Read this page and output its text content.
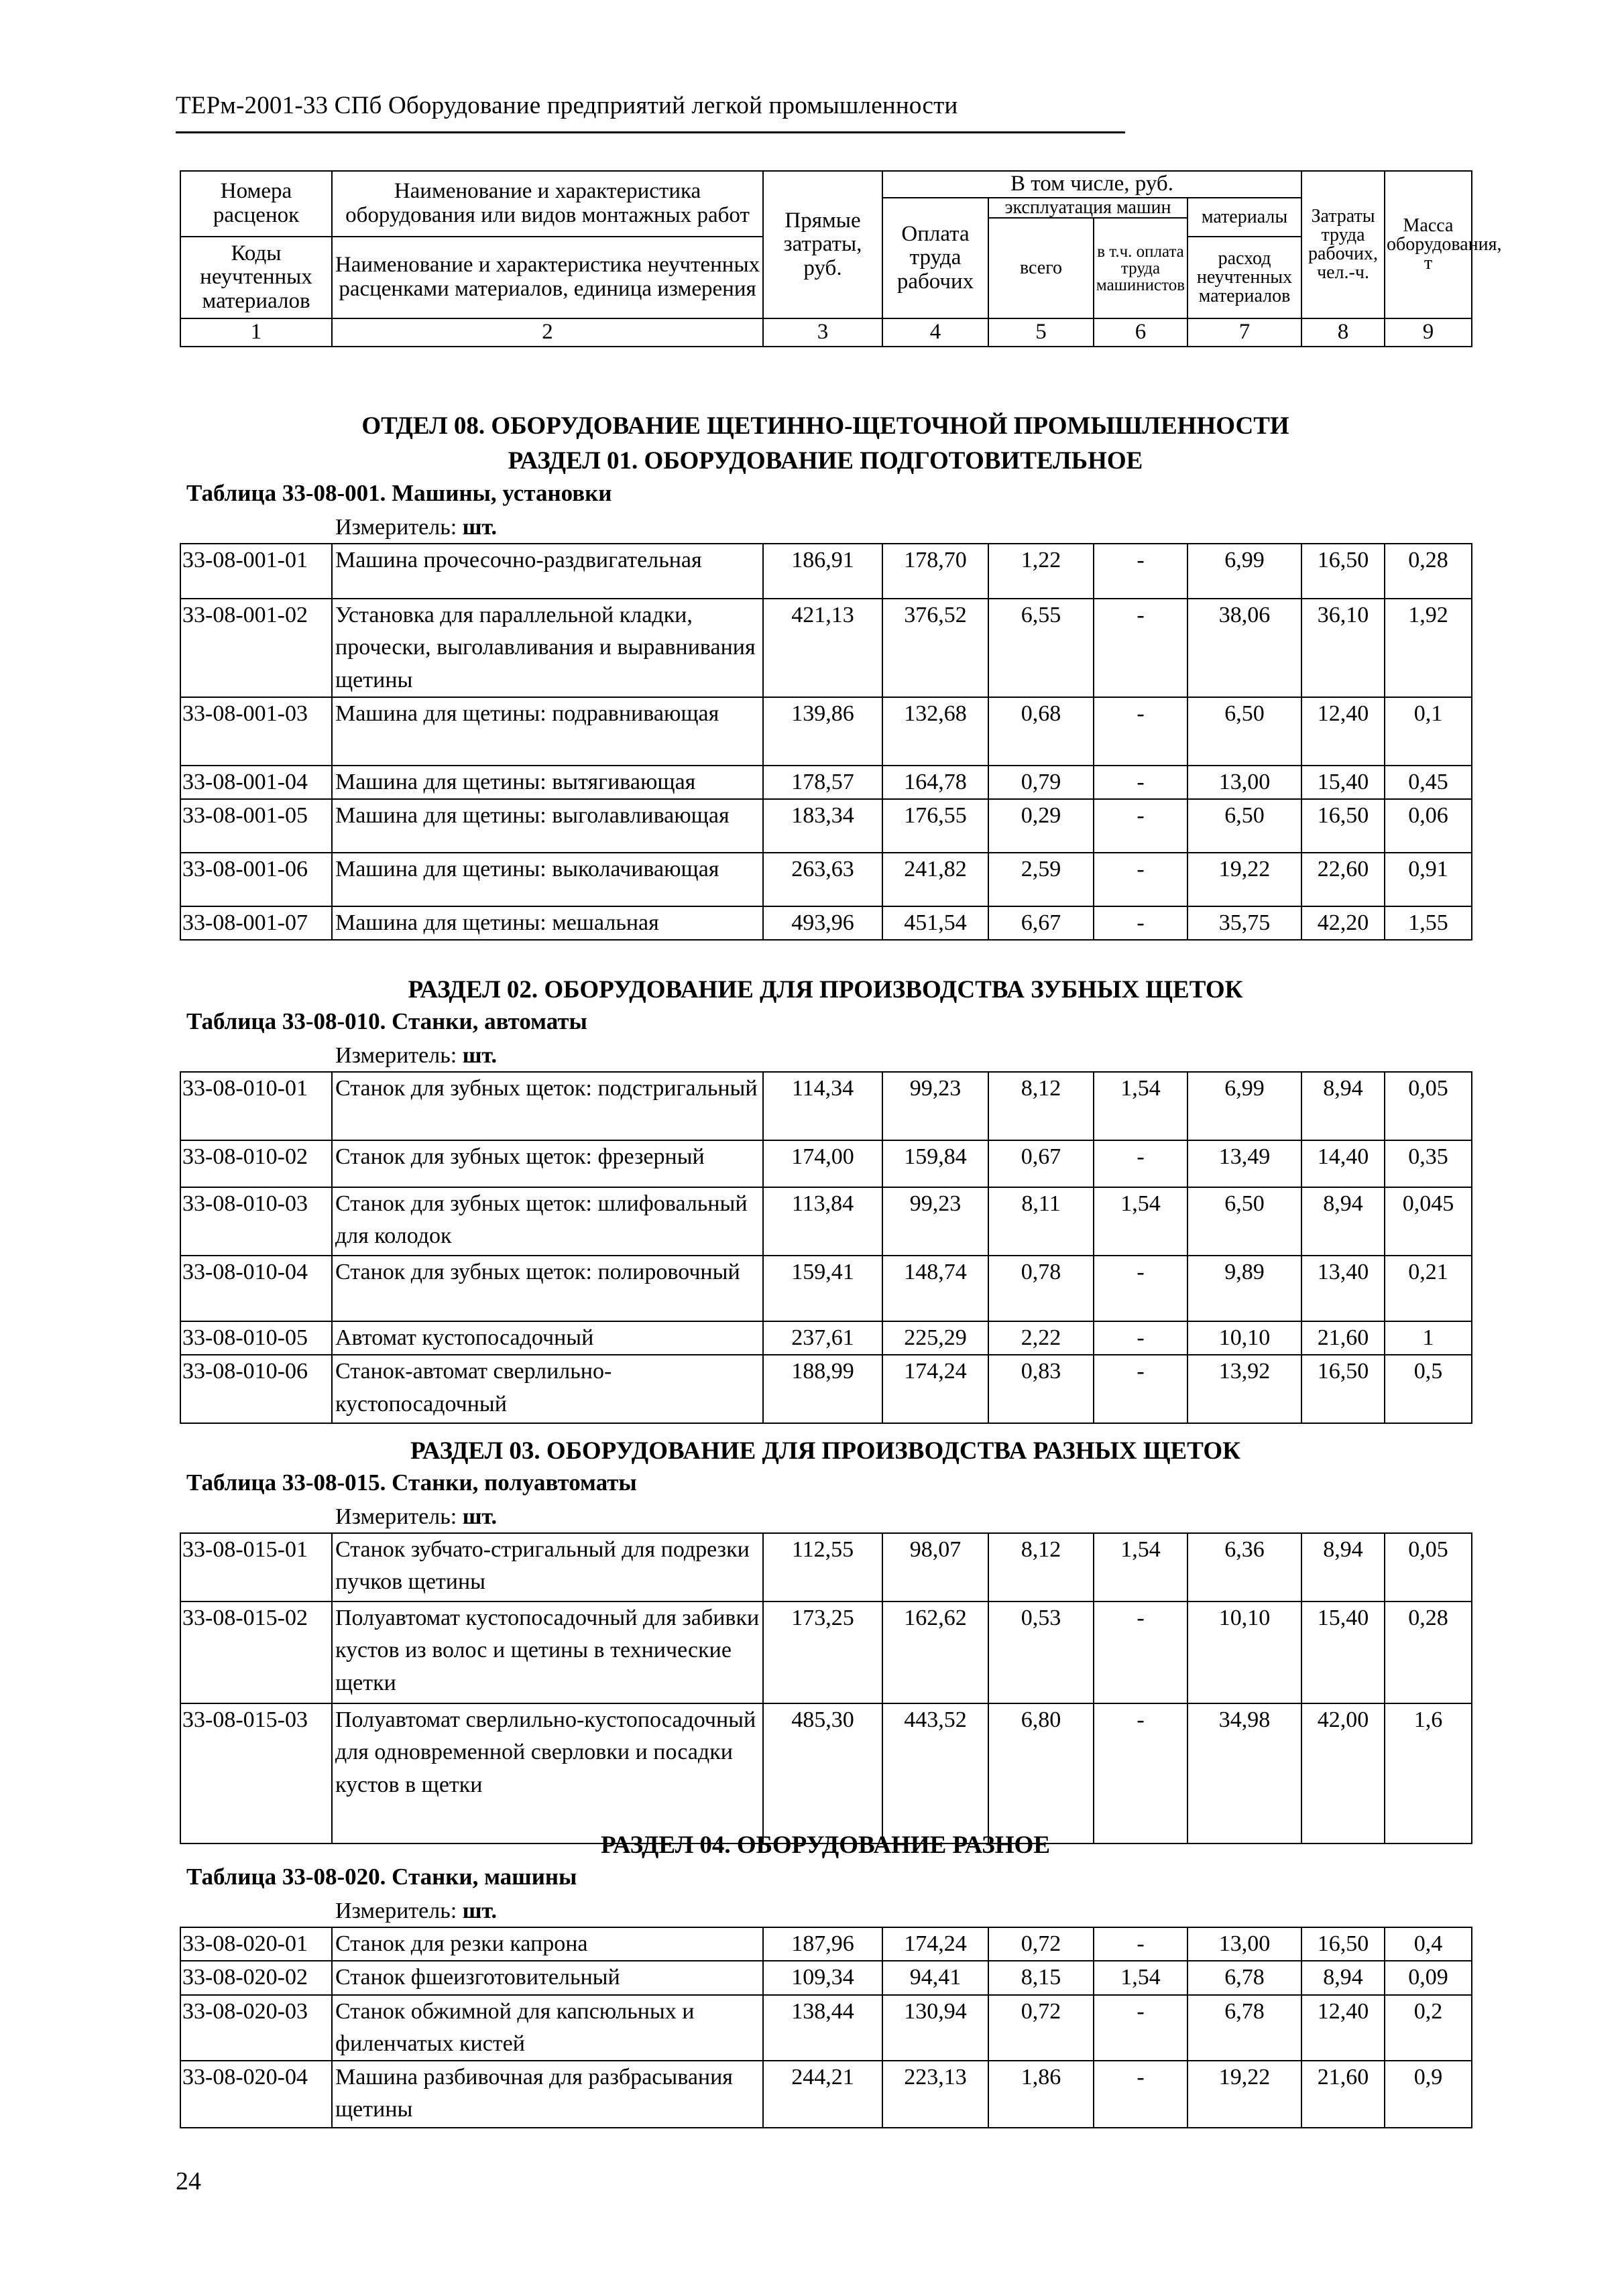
ТЕРм-2001-33 СПб Оборудование предприятий легкой промышленности
Номера расценок	Наименование и характеристика оборудования или видов монтажных работ	Прямые затраты, руб.	В том числе, руб.				Затраты труда рабочих, чел.-ч.	Масса оборудования, т
			Оплата труда рабочих	эксплуатация машин		материалы		
				всего	в т.ч. оплата труда машинистов			
Коды неучтенных материалов	Наименование и характеристика неучтенных расценками материалов, единица измерения					расход неучтенных материалов		

1	2	3	4	5	6	7	8	9
ОТДЕЛ 08. ОБОРУДОВАНИЕ ЩЕТИННО-ЩЕТОЧНОЙ ПРОМЫШЛЕННОСТИ
РАЗДЕЛ 01. ОБОРУДОВАНИЕ ПОДГОТОВИТЕЛЬНОЕ
Таблица 33-08-001. Машины, установки
Измеритель: шт.
33-08-001-01	Машина прочесочно-раздвигательная	186,91	178,70	1,22	-	6,99	16,50	0,28
33-08-001-02	Установка для параллельной кладки, прочески, выголавливания и выравнивания щетины	421,13	376,52	6,55	-	38,06	36,10	1,92
33-08-001-03	Машина для щетины: подравнивающая	139,86	132,68	0,68	-	6,50	12,40	0,1
33-08-001-04	Машина для щетины: вытягивающая	178,57	164,78	0,79	-	13,00	15,40	0,45
33-08-001-05	Машина для щетины: выголавливающая	183,34	176,55	0,29	-	6,50	16,50	0,06
33-08-001-06	Машина для щетины: выколачивающая	263,63	241,82	2,59	-	19,22	22,60	0,91
33-08-001-07	Машина для щетины: мешальная	493,96	451,54	6,67	-	35,75	42,20	1,55
РАЗДЕЛ 02. ОБОРУДОВАНИЕ ДЛЯ ПРОИЗВОДСТВА ЗУБНЫХ ЩЕТОК
Таблица 33-08-010. Станки, автоматы
Измеритель: шт.
33-08-010-01	Станок для зубных щеток: подстригальный	114,34	99,23	8,12	1,54	6,99	8,94	0,05
33-08-010-02	Станок для зубных щеток: фрезерный	174,00	159,84	0,67	-	13,49	14,40	0,35
33-08-010-03	Станок для зубных щеток: шлифовальный для колодок	113,84	99,23	8,11	1,54	6,50	8,94	0,045
33-08-010-04	Станок для зубных щеток: полировочный	159,41	148,74	0,78	-	9,89	13,40	0,21
33-08-010-05	Автомат кустопосадочный	237,61	225,29	2,22	-	10,10	21,60	1
33-08-010-06	Станок-автомат сверлильно-кустопосадочный	188,99	174,24	0,83	-	13,92	16,50	0,5
РАЗДЕЛ 03. ОБОРУДОВАНИЕ ДЛЯ ПРОИЗВОДСТВА РАЗНЫХ ЩЕТОК
Таблица 33-08-015. Станки, полуавтоматы
Измеритель: шт.
33-08-015-01	Станок зубчато-стригальный для подрезки пучков щетины	112,55	98,07	8,12	1,54	6,36	8,94	0,05
33-08-015-02	Полуавтомат кустопосадочный для забивки кустов из волос и щетины в технические щетки	173,25	162,62	0,53	-	10,10	15,40	0,28
33-08-015-03	Полуавтомат сверлильно-кустопосадочный для одновременной сверловки и посадки кустов в щетки	485,30	443,52	6,80	-	34,98	42,00	1,6
РАЗДЕЛ 04. ОБОРУДОВАНИЕ РАЗНОЕ
Таблица 33-08-020. Станки, машины
Измеритель: шт.
33-08-020-01	Станок для резки капрона	187,96	174,24	0,72	-	13,00	16,50	0,4
33-08-020-02	Станок фшеизготовительный	109,34	94,41	8,15	1,54	6,78	8,94	0,09
33-08-020-03	Станок обжимной для капсюльных и филенчатых кистей	138,44	130,94	0,72	-	6,78	12,40	0,2
33-08-020-04	Машина разбивочная для разбрасывания щетины	244,21	223,13	1,86	-	19,22	21,60	0,9
24
